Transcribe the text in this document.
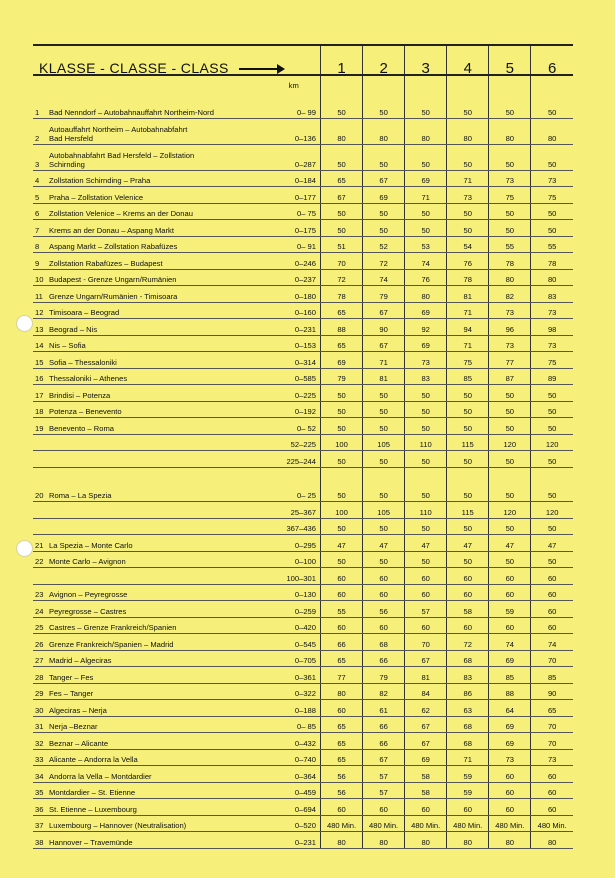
KLASSE - CLASSE - CLASS			1	2	3	4	5	6
		km						
1	Bad Nenndorf – Autobahnauffahrt Northeim-Nord	0– 99	50	50	50	50	50	50
2	Autoauffahrt Northeim – Autobahnabfahrt
Bad Hersfeld	0–136	80	80	80	80	80	80
3	Autobahnabfahrt Bad Hersfeld – Zollstation
Schirnding	0–287	50	50	50	50	50	50
4	Zollstation Schirnding – Praha	0–184	65	67	69	71	73	73
5	Praha – Zollstation Velenice	0–177	67	69	71	73	75	75
6	Zollstation Velenice – Krems an der Donau	0– 75	50	50	50	50	50	50
7	Krems an der Donau – Aspang Markt	0–175	50	50	50	50	50	50
8	Aspang Markt – Zollstation Rabafüzes	0– 91	51	52	53	54	55	55
9	Zollstation Rabafüzes – Budapest	0–246	70	72	74	76	78	78
10	Budapest - Grenze Ungarn/Rumänien	0–237	72	74	76	78	80	80
11	Grenze Ungarn/Rumänien - Timisoara	0–180	78	79	80	81	82	83
12	Timisoara – Beograd	0–160	65	67	69	71	73	73
13	Beograd – Nis	0–231	88	90	92	94	96	98
14	Nis – Sofia	0–153	65	67	69	71	73	73
15	Sofia – Thessaloniki	0–314	69	71	73	75	77	75
16	Thessaloniki – Athenes	0–585	79	81	83	85	87	89
17	Brindisi – Potenza	0–225	50	50	50	50	50	50
18	Potenza – Benevento	0–192	50	50	50	50	50	50
19	Benevento – Roma	0– 52	50	50	50	50	50	50
		52–225	100	105	110	115	120	120
		225–244	50	50	50	50	50	50

20	Roma – La Spezia	0– 25	50	50	50	50	50	50
		25–367	100	105	110	115	120	120
		367–436	50	50	50	50	50	50
21	La Spezia – Monte Carlo	0–295	47	47	47	47	47	47
22	Monte Carlo – Avignon	0–100	50	50	50	50	50	50
		100–301	60	60	60	60	60	60
23	Avignon – Peyregrosse	0–130	60	60	60	60	60	60
24	Peyregrosse – Castres	0–259	55	56	57	58	59	60
25	Castres – Grenze Frankreich/Spanien	0–420	60	60	60	60	60	60
26	Grenze Frankreich/Spanien – Madrid	0–545	66	68	70	72	74	74
27	Madrid – Algeciras	0–705	65	66	67	68	69	70
28	Tanger – Fes	0–361	77	79	81	83	85	85
29	Fes – Tanger	0–322	80	82	84	86	88	90
30	Algeciras – Nerja	0–188	60	61	62	63	64	65
31	Nerja –Beznar	0– 85	65	66	67	68	69	70
32	Beznar – Alicante	0–432	65	66	67	68	69	70
33	Alicante – Andorra la Vella	0–740	65	67	69	71	73	73
34	Andorra la Vella – Montdardier	0–364	56	57	58	59	60	60
35	Montdardier – St. Etienne	0–459	56	57	58	59	60	60
36	St. Etienne – Luxembourg	0–694	60	60	60	60	60	60
37	Luxembourg – Hannover (Neutralisation)	0–520	480 Min.	480 Min.	480 Min.	480 Min.	480 Min.	480 Min.
38	Hannover – Travemünde	0–231	80	80	80	80	80	80
